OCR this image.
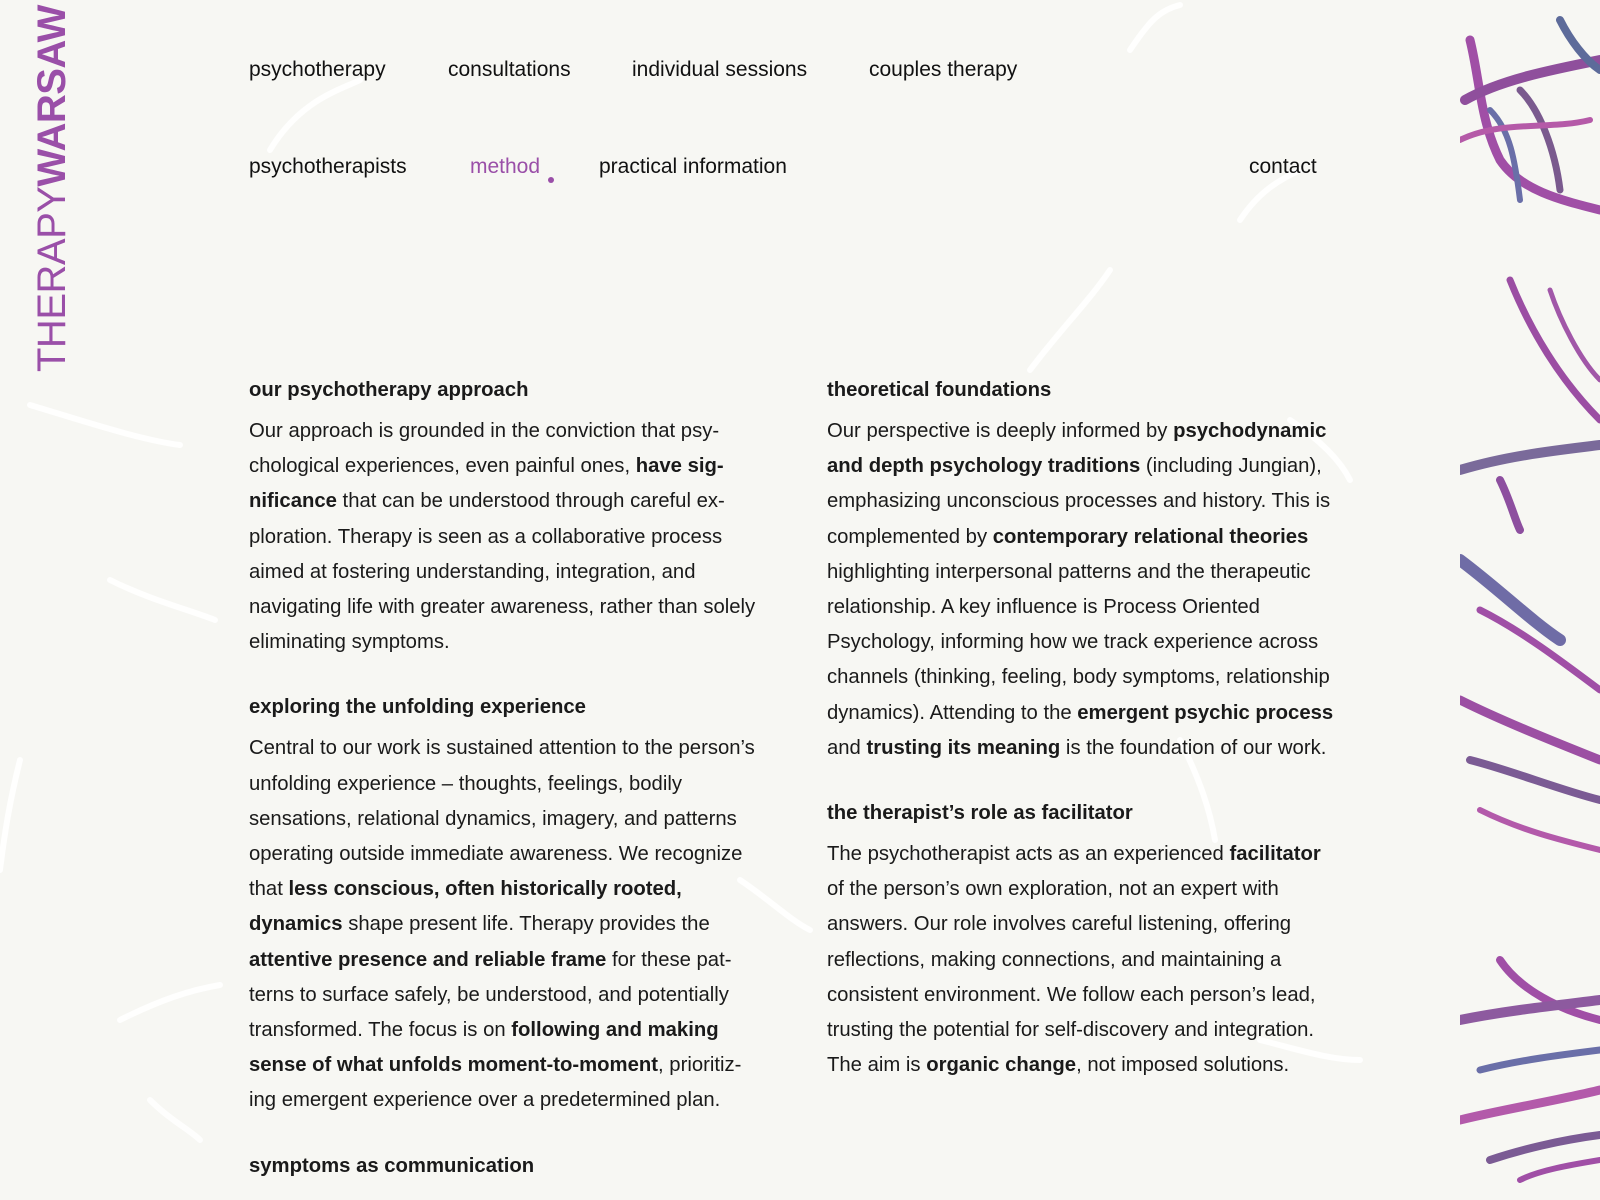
THERAPYWARSAW	psychotherapy	consultations	individual sessions	couples therapy
psychotherapists	method	practical information	contact
our psychotherapy approach

Our approach is grounded in the conviction that psychological experiences, even painful ones, have significance that can be understood through careful exploration. Therapy is seen as a collaborative process aimed at fostering understanding, integration, and navigating life with greater awareness, rather than solely eliminating symptoms.

exploring the unfolding experience

Central to our work is sustained attention to the person’s unfolding experience – thoughts, feelings, bodily sensations, relational dynamics, imagery, and patterns operating outside immediate awareness. We recognize that less conscious, often historically rooted, dynamics shape present life. Therapy provides the attentive presence and reliable frame for these patterns to surface safely, be understood, and potentially transformed. The focus is on following and making sense of what unfolds moment-to-moment, prioritizing emergent experience over a predetermined plan.

symptoms as communication
theoretical foundations

Our perspective is deeply informed by psychodynamic and depth psychology traditions (including Jungian), emphasizing unconscious processes and history. This is complemented by contemporary relational theories highlighting interpersonal patterns and the therapeutic relationship. A key influence is Process Oriented Psychology, informing how we track experience across channels (thinking, feeling, body symptoms, relationship dynamics). Attending to the emergent psychic process and trusting its meaning is the foundation of our work.

the therapist’s role as facilitator

The psychotherapist acts as an experienced facilitator of the person’s own exploration, not an expert with answers. Our role involves careful listening, offering reflections, making connections, and maintaining a consistent environment. We follow each person’s lead, trusting the potential for self-discovery and integration. The aim is organic change, not imposed solutions.
